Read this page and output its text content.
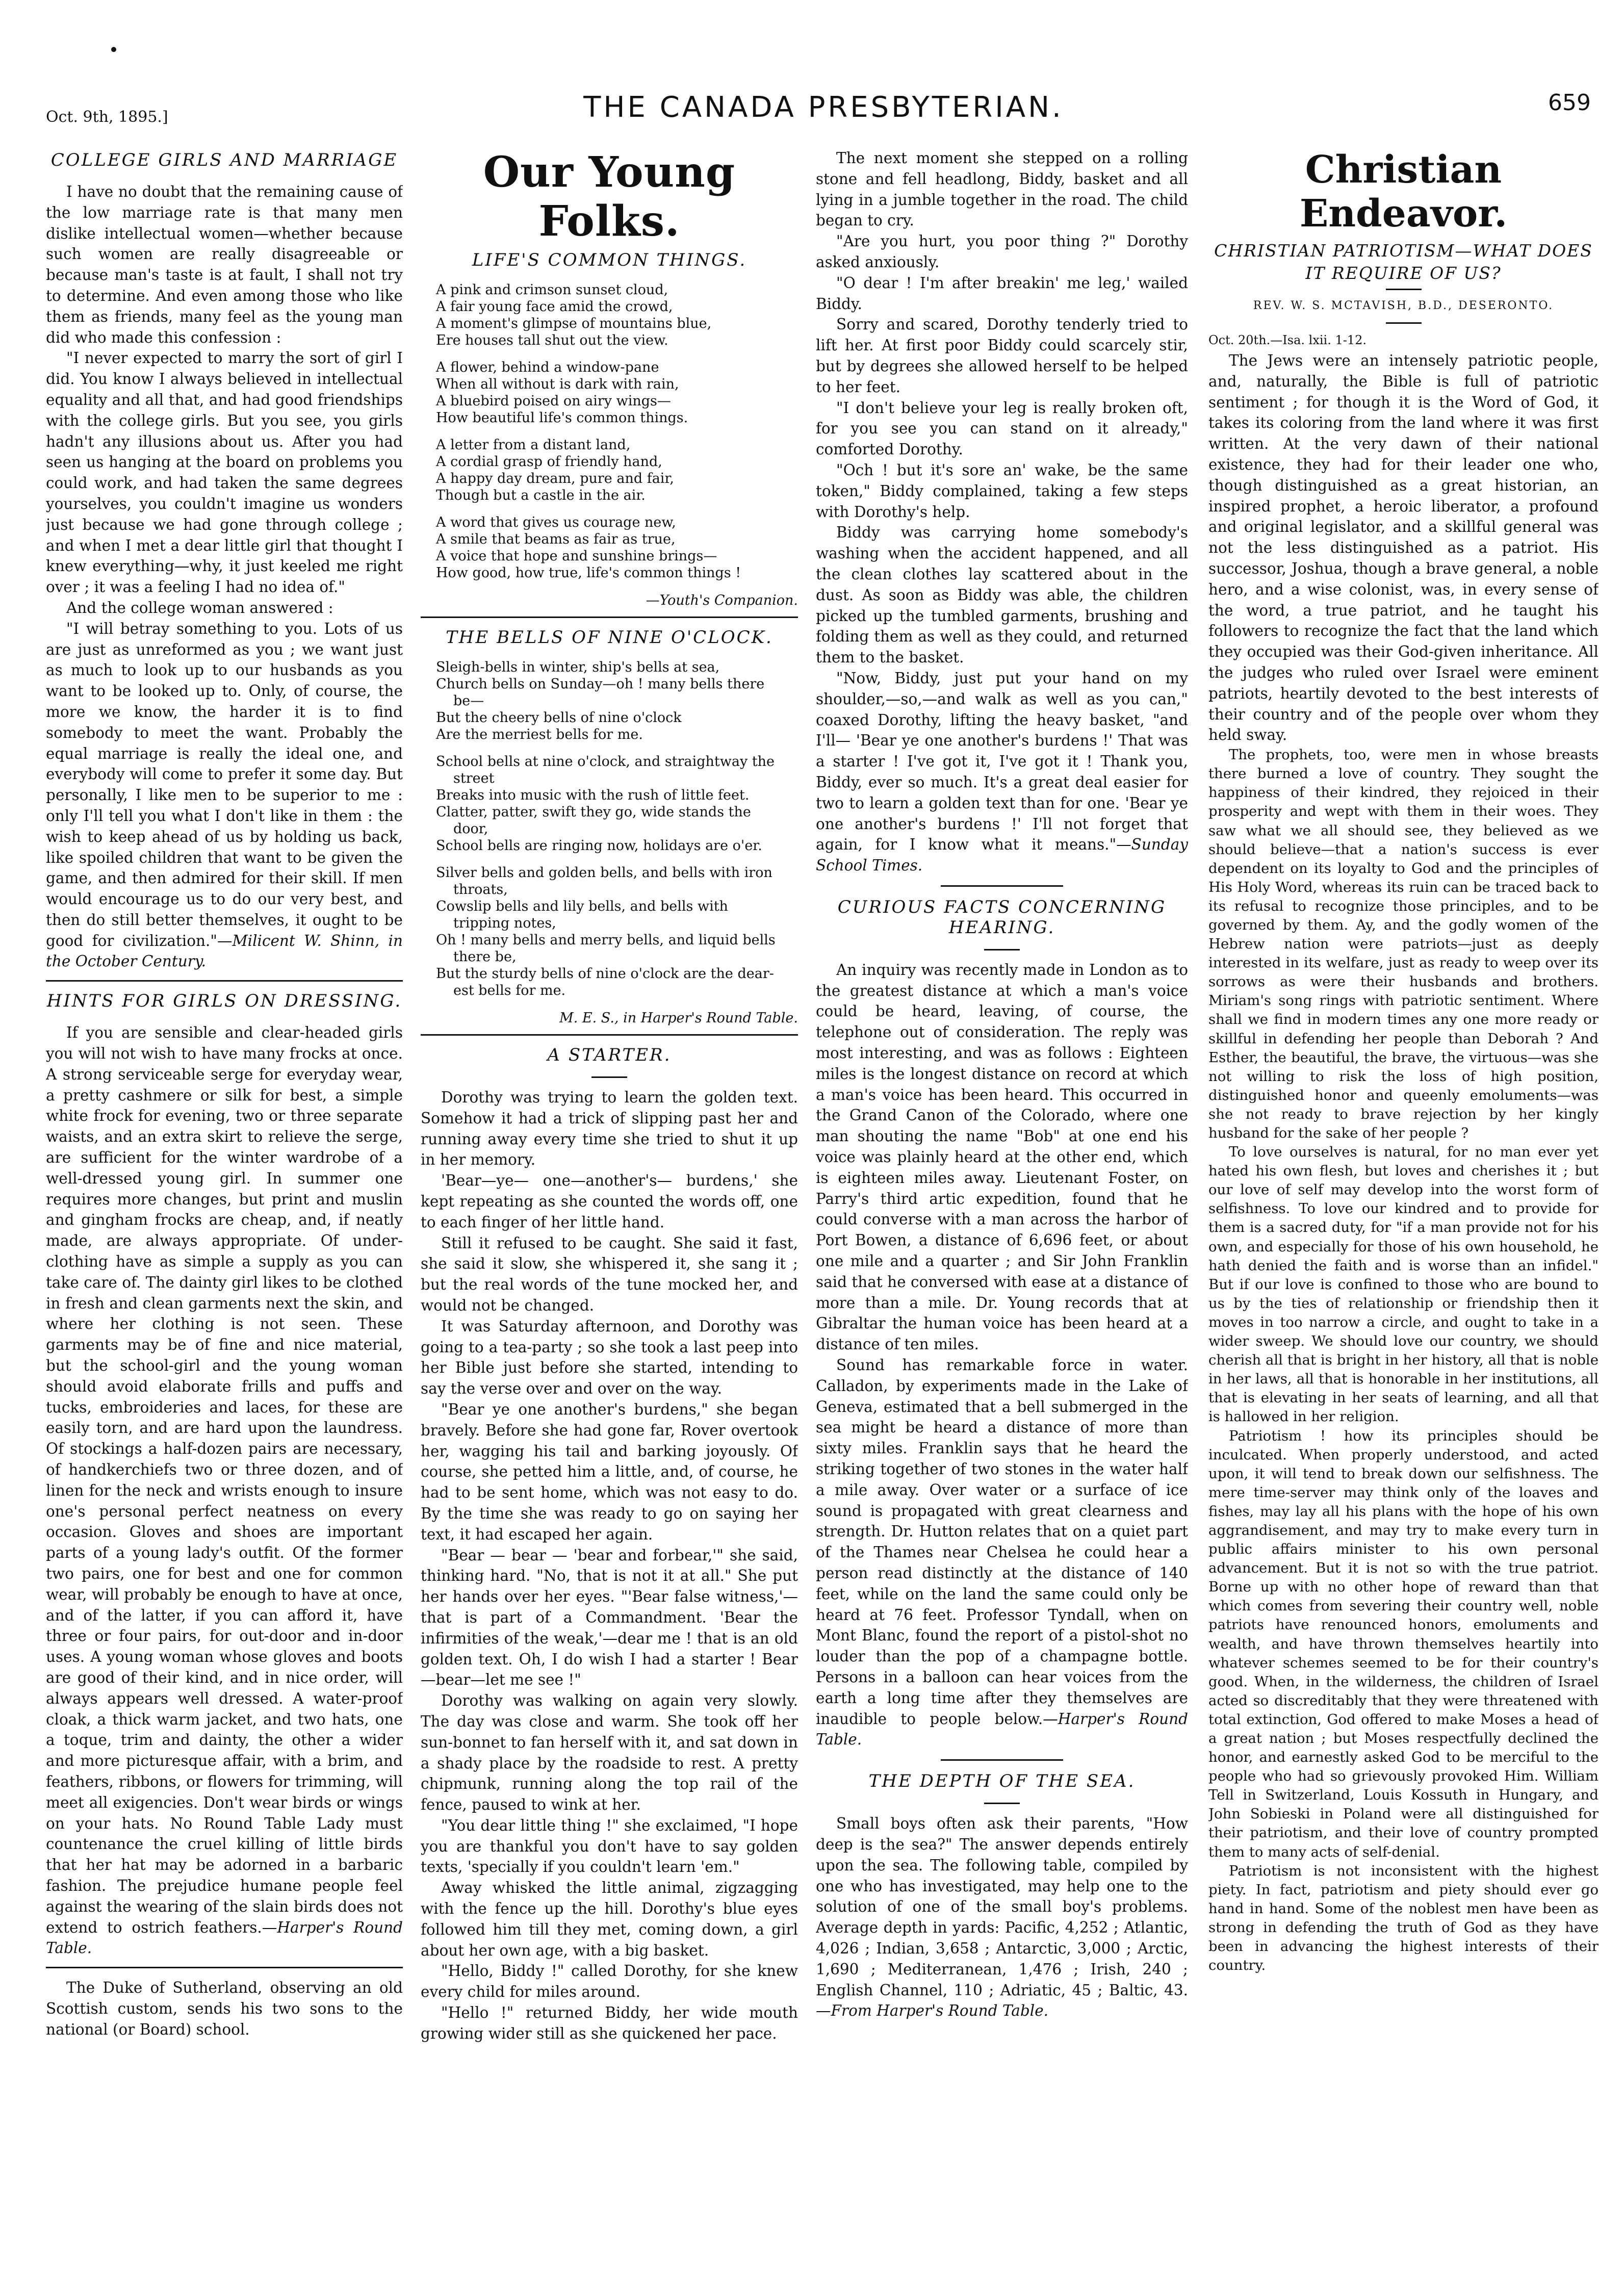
Oct. 9th, 1895.]	THE CANADA PRESBYTERIAN.	659
COLLEGE GIRLS AND MARRIAGE

I have no doubt that the remaining cause of the low marriage rate is that many men dislike intellectual women—whether because such women are really disagreeable or because man's taste is at fault, I shall not try to determine. And even among those who like them as friends, many feel as the young man did who made this confession :

"I never expected to marry the sort of girl I did. You know I always believed in intellectual equality and all that, and had good friendships with the college girls. But you see, you girls hadn't any illusions about us. After you had seen us hanging at the board on problems you could work, and had taken the same degrees yourselves, you couldn't imagine us wonders just because we had gone through college ; and when I met a dear little girl that thought I knew everything—why, it just keeled me right over ; it was a feeling I had no idea of."

And the college woman answered :

"I will betray something to you. Lots of us are just as unreformed as you ; we want just as much to look up to our husbands as you want to be looked up to. Only, of course, the more we know, the harder it is to find somebody to meet the want. Probably the equal marriage is really the ideal one, and everybody will come to prefer it some day. But personally, I like men to be superior to me : only I'll tell you what I don't like in them : the wish to keep ahead of us by holding us back, like spoiled children that want to be given the game, and then admired for their skill. If men would encourage us to do our very best, and then do still better themselves, it ought to be good for civilization."—Milicent W. Shinn, in the October Century.

HINTS FOR GIRLS ON DRESSING.

If you are sensible and clear-headed girls you will not wish to have many frocks at once. A strong serviceable serge for everyday wear, a pretty cashmere or silk for best, a simple white frock for evening, two or three separate waists, and an extra skirt to relieve the serge, are sufficient for the winter wardrobe of a well-dressed young girl. In summer one requires more changes, but print and muslin and gingham frocks are cheap, and, if neatly made, are always appropriate. Of under-clothing have as simple a supply as you can take care of. The dainty girl likes to be clothed in fresh and clean garments next the skin, and where her clothing is not seen. These garments may be of fine and nice material, but the school-girl and the young woman should avoid elaborate frills and puffs and tucks, embroideries and laces, for these are easily torn, and are hard upon the laundress. Of stockings a half-dozen pairs are necessary, of handkerchiefs two or three dozen, and of linen for the neck and wrists enough to insure one's personal perfect neatness on every occasion. Gloves and shoes are important parts of a young lady's outfit. Of the former two pairs, one for best and one for common wear, will probably be enough to have at once, and of the latter, if you can afford it, have three or four pairs, for out-door and in-door uses. A young woman whose gloves and boots are good of their kind, and in nice order, will always appears well dressed. A water-proof cloak, a thick warm jacket, and two hats, one a toque, trim and dainty, the other a wider and more picturesque affair, with a brim, and feathers, ribbons, or flowers for trimming, will meet all exigencies. Don't wear birds or wings on your hats. No Round Table Lady must countenance the cruel killing of little birds that her hat may be adorned in a barbaric fashion. The prejudice humane people feel against the wearing of the slain birds does not extend to ostrich feathers.—Harper's Round Table.

The Duke of Sutherland, observing an old Scottish custom, sends his two sons to the national (or Board) school.

Our Young Folks.
LIFE'S COMMON THINGS.

A pink and crimson sunset cloud,

A fair young face amid the crowd,

A moment's glimpse of mountains blue,

Ere houses tall shut out the view.

A flower, behind a window-pane

When all without is dark with rain,

A bluebird poised on airy wings—

How beautiful life's common things.

A letter from a distant land,

A cordial grasp of friendly hand,

A happy day dream, pure and fair,

Though but a castle in the air.

A word that gives us courage new,

A smile that beams as fair as true,

A voice that hope and sunshine brings—

How good, how true, life's common things !

—Youth's Companion.
THE BELLS OF NINE O'CLOCK.

Sleigh-bells in winter, ship's bells at sea,

Church bells on Sunday—oh ! many bells there

be—

But the cheery bells of nine o'clock

Are the merriest bells for me.

School bells at nine o'clock, and straightway the

street

Breaks into music with the rush of little feet.

Clatter, patter, swift they go, wide stands the

door,

School bells are ringing now, holidays are o'er.

Silver bells and golden bells, and bells with iron

throats,

Cowslip bells and lily bells, and bells with

tripping notes,

Oh ! many bells and merry bells, and liquid bells

there be,

But the sturdy bells of nine o'clock are the dear-

est bells for me.

M. E. S., in Harper's Round Table.
A STARTER.

Dorothy was trying to learn the golden text. Somehow it had a trick of slipping past her and running away every time she tried to shut it up in her memory.

'Bear—ye— one—another's— burdens,' she kept repeating as she counted the words off, one to each finger of her little hand.

Still it refused to be caught. She said it fast, she said it slow, she whispered it, she sang it ; but the real words of the tune mocked her, and would not be changed.

It was Saturday afternoon, and Dorothy was going to a tea-party ; so she took a last peep into her Bible just before she started, intending to say the verse over and over on the way.

"Bear ye one another's burdens," she began bravely. Before she had gone far, Rover overtook her, wagging his tail and barking joyously. Of course, she petted him a little, and, of course, he had to be sent home, which was not easy to do. By the time she was ready to go on saying her text, it had escaped her again.

"Bear — bear — 'bear and forbear,'" she said, thinking hard. "No, that is not it at all." She put her hands over her eyes. "'Bear false witness,'—that is part of a Commandment. 'Bear the infirmities of the weak,'—dear me ! that is an old golden text. Oh, I do wish I had a starter ! Bear —bear—let me see !"

Dorothy was walking on again very slowly. The day was close and warm. She took off her sun-bonnet to fan herself with it, and sat down in a shady place by the roadside to rest. A pretty chipmunk, running along the top rail of the fence, paused to wink at her.

"You dear little thing !" she exclaimed, "I hope you are thankful you don't have to say golden texts, 'specially if you couldn't learn 'em."

Away whisked the little animal, zigzagging with the fence up the hill. Dorothy's blue eyes followed him till they met, coming down, a girl about her own age, with a big basket.

"Hello, Biddy !" called Dorothy, for she knew every child for miles around.

"Hello !" returned Biddy, her wide mouth growing wider still as she quickened her pace.

The next moment she stepped on a rolling stone and fell headlong, Biddy, basket and all lying in a jumble together in the road. The child began to cry.

"Are you hurt, you poor thing ?" Dorothy asked anxiously.

"O dear ! I'm after breakin' me leg,' wailed Biddy.

Sorry and scared, Dorothy tenderly tried to lift her. At first poor Biddy could scarcely stir, but by degrees she allowed herself to be helped to her feet.

"I don't believe your leg is really broken oft, for you see you can stand on it already," comforted Dorothy.

"Och ! but it's sore an' wake, be the same token," Biddy complained, taking a few steps with Dorothy's help.

Biddy was carrying home somebody's washing when the accident happened, and all the clean clothes lay scattered about in the dust. As soon as Biddy was able, the children picked up the tumbled garments, brushing and folding them as well as they could, and returned them to the basket.

"Now, Biddy, just put your hand on my shoulder,—so,—and walk as well as you can," coaxed Dorothy, lifting the heavy basket, "and I'll— 'Bear ye one another's burdens !' That was a starter ! I've got it, I've got it ! Thank you, Biddy, ever so much. It's a great deal easier for two to learn a golden text than for one. 'Bear ye one another's burdens !' I'll not forget that again, for I know what it means."—Sunday School Times.

CURIOUS FACTS CONCERNING HEARING.

An inquiry was recently made in London as to the greatest distance at which a man's voice could be heard, leaving, of course, the telephone out of consideration. The reply was most interesting, and was as follows : Eighteen miles is the longest distance on record at which a man's voice has been heard. This occurred in the Grand Canon of the Colorado, where one man shouting the name "Bob" at one end his voice was plainly heard at the other end, which is eighteen miles away. Lieutenant Foster, on Parry's third artic expedition, found that he could converse with a man across the harbor of Port Bowen, a distance of 6,696 feet, or about one mile and a quarter ; and Sir John Franklin said that he conversed with ease at a distance of more than a mile. Dr. Young records that at Gibraltar the human voice has been heard at a distance of ten miles.

Sound has remarkable force in water. Calladon, by experiments made in the Lake of Geneva, estimated that a bell submerged in the sea might be heard a distance of more than sixty miles. Franklin says that he heard the striking together of two stones in the water half a mile away. Over water or a surface of ice sound is propagated with great clearness and strength. Dr. Hutton relates that on a quiet part of the Thames near Chelsea he could hear a person read distinctly at the distance of 140 feet, while on the land the same could only be heard at 76 feet. Professor Tyndall, when on Mont Blanc, found the report of a pistol-shot no louder than the pop of a champagne bottle. Persons in a balloon can hear voices from the earth a long time after they themselves are inaudible to people below.—Harper's Round Table.

THE DEPTH OF THE SEA.

Small boys often ask their parents, "How deep is the sea?" The answer depends entirely upon the sea. The following table, compiled by one who has investigated, may help one to the solution of one of the small boy's problems. Average depth in yards: Pacific, 4,252 ; Atlantic, 4,026 ; Indian, 3,658 ; Antarctic, 3,000 ; Arctic, 1,690 ; Mediterranean, 1,476 ; Irish, 240 ; English Channel, 110 ; Adriatic, 45 ; Baltic, 43.—From Harper's Round Table.

Christian Endeavor.
CHRISTIAN PATRIOTISM—WHAT DOES IT REQUIRE OF US?
REV. W. S. MCTAVISH, B.D., DESERONTO.
Oct. 20th.—Isa. lxii. 1-12.

The Jews were an intensely patriotic people, and, naturally, the Bible is full of patriotic sentiment ; for though it is the Word of God, it takes its coloring from the land where it was first written. At the very dawn of their national existence, they had for their leader one who, though distinguished as a great historian, an inspired prophet, a heroic liberator, a profound and original legislator, and a skillful general was not the less distinguished as a patriot. His successor, Joshua, though a brave general, a noble hero, and a wise colonist, was, in every sense of the word, a true patriot, and he taught his followers to recognize the fact that the land which they occupied was their God-given inheritance. All the judges who ruled over Israel were eminent patriots, heartily devoted to the best interests of their country and of the people over whom they held sway.

The prophets, too, were men in whose breasts there burned a love of country. They sought the happiness of their kindred, they rejoiced in their prosperity and wept with them in their woes. They saw what we all should see, they believed as we should believe—that a nation's success is ever dependent on its loyalty to God and the principles of His Holy Word, whereas its ruin can be traced back to its refusal to recognize those principles, and to be governed by them. Ay, and the godly women of the Hebrew nation were patriots—just as deeply interested in its welfare, just as ready to weep over its sorrows as were their husbands and brothers. Miriam's song rings with patriotic sentiment. Where shall we find in modern times any one more ready or skillful in defending her people than Deborah ? And Esther, the beautiful, the brave, the virtuous—was she not willing to risk the loss of high position, distinguished honor and queenly emoluments—was she not ready to brave rejection by her kingly husband for the sake of her people ?

To love ourselves is natural, for no man ever yet hated his own flesh, but loves and cherishes it ; but our love of self may develop into the worst form of selfishness. To love our kindred and to provide for them is a sacred duty, for "if a man provide not for his own, and especially for those of his own household, he hath denied the faith and is worse than an infidel." But if our love is confined to those who are bound to us by the ties of relationship or friendship then it moves in too narrow a circle, and ought to take in a wider sweep. We should love our country, we should cherish all that is bright in her history, all that is noble in her laws, all that is honorable in her institutions, all that is elevating in her seats of learning, and all that is hallowed in her religion.

Patriotism ! how its principles should be inculcated. When properly understood, and acted upon, it will tend to break down our selfishness. The mere time-server may think only of the loaves and fishes, may lay all his plans with the hope of his own aggrandisement, and may try to make every turn in public affairs minister to his own personal advancement. But it is not so with the true patriot. Borne up with no other hope of reward than that which comes from severing their country well, noble patriots have renounced honors, emoluments and wealth, and have thrown themselves heartily into whatever schemes seemed to be for their country's good. When, in the wilderness, the children of Israel acted so discreditably that they were threatened with total extinction, God offered to make Moses a head of a great nation ; but Moses respectfully declined the honor, and earnestly asked God to be merciful to the people who had so grievously provoked Him. William Tell in Switzerland, Louis Kossuth in Hungary, and John Sobieski in Poland were all distinguished for their patriotism, and their love of country prompted them to many acts of self-denial.

Patriotism is not inconsistent with the highest piety. In fact, patriotism and piety should ever go hand in hand. Some of the noblest men have been as strong in defending the truth of God as they have been in advancing the highest interests of their country.
